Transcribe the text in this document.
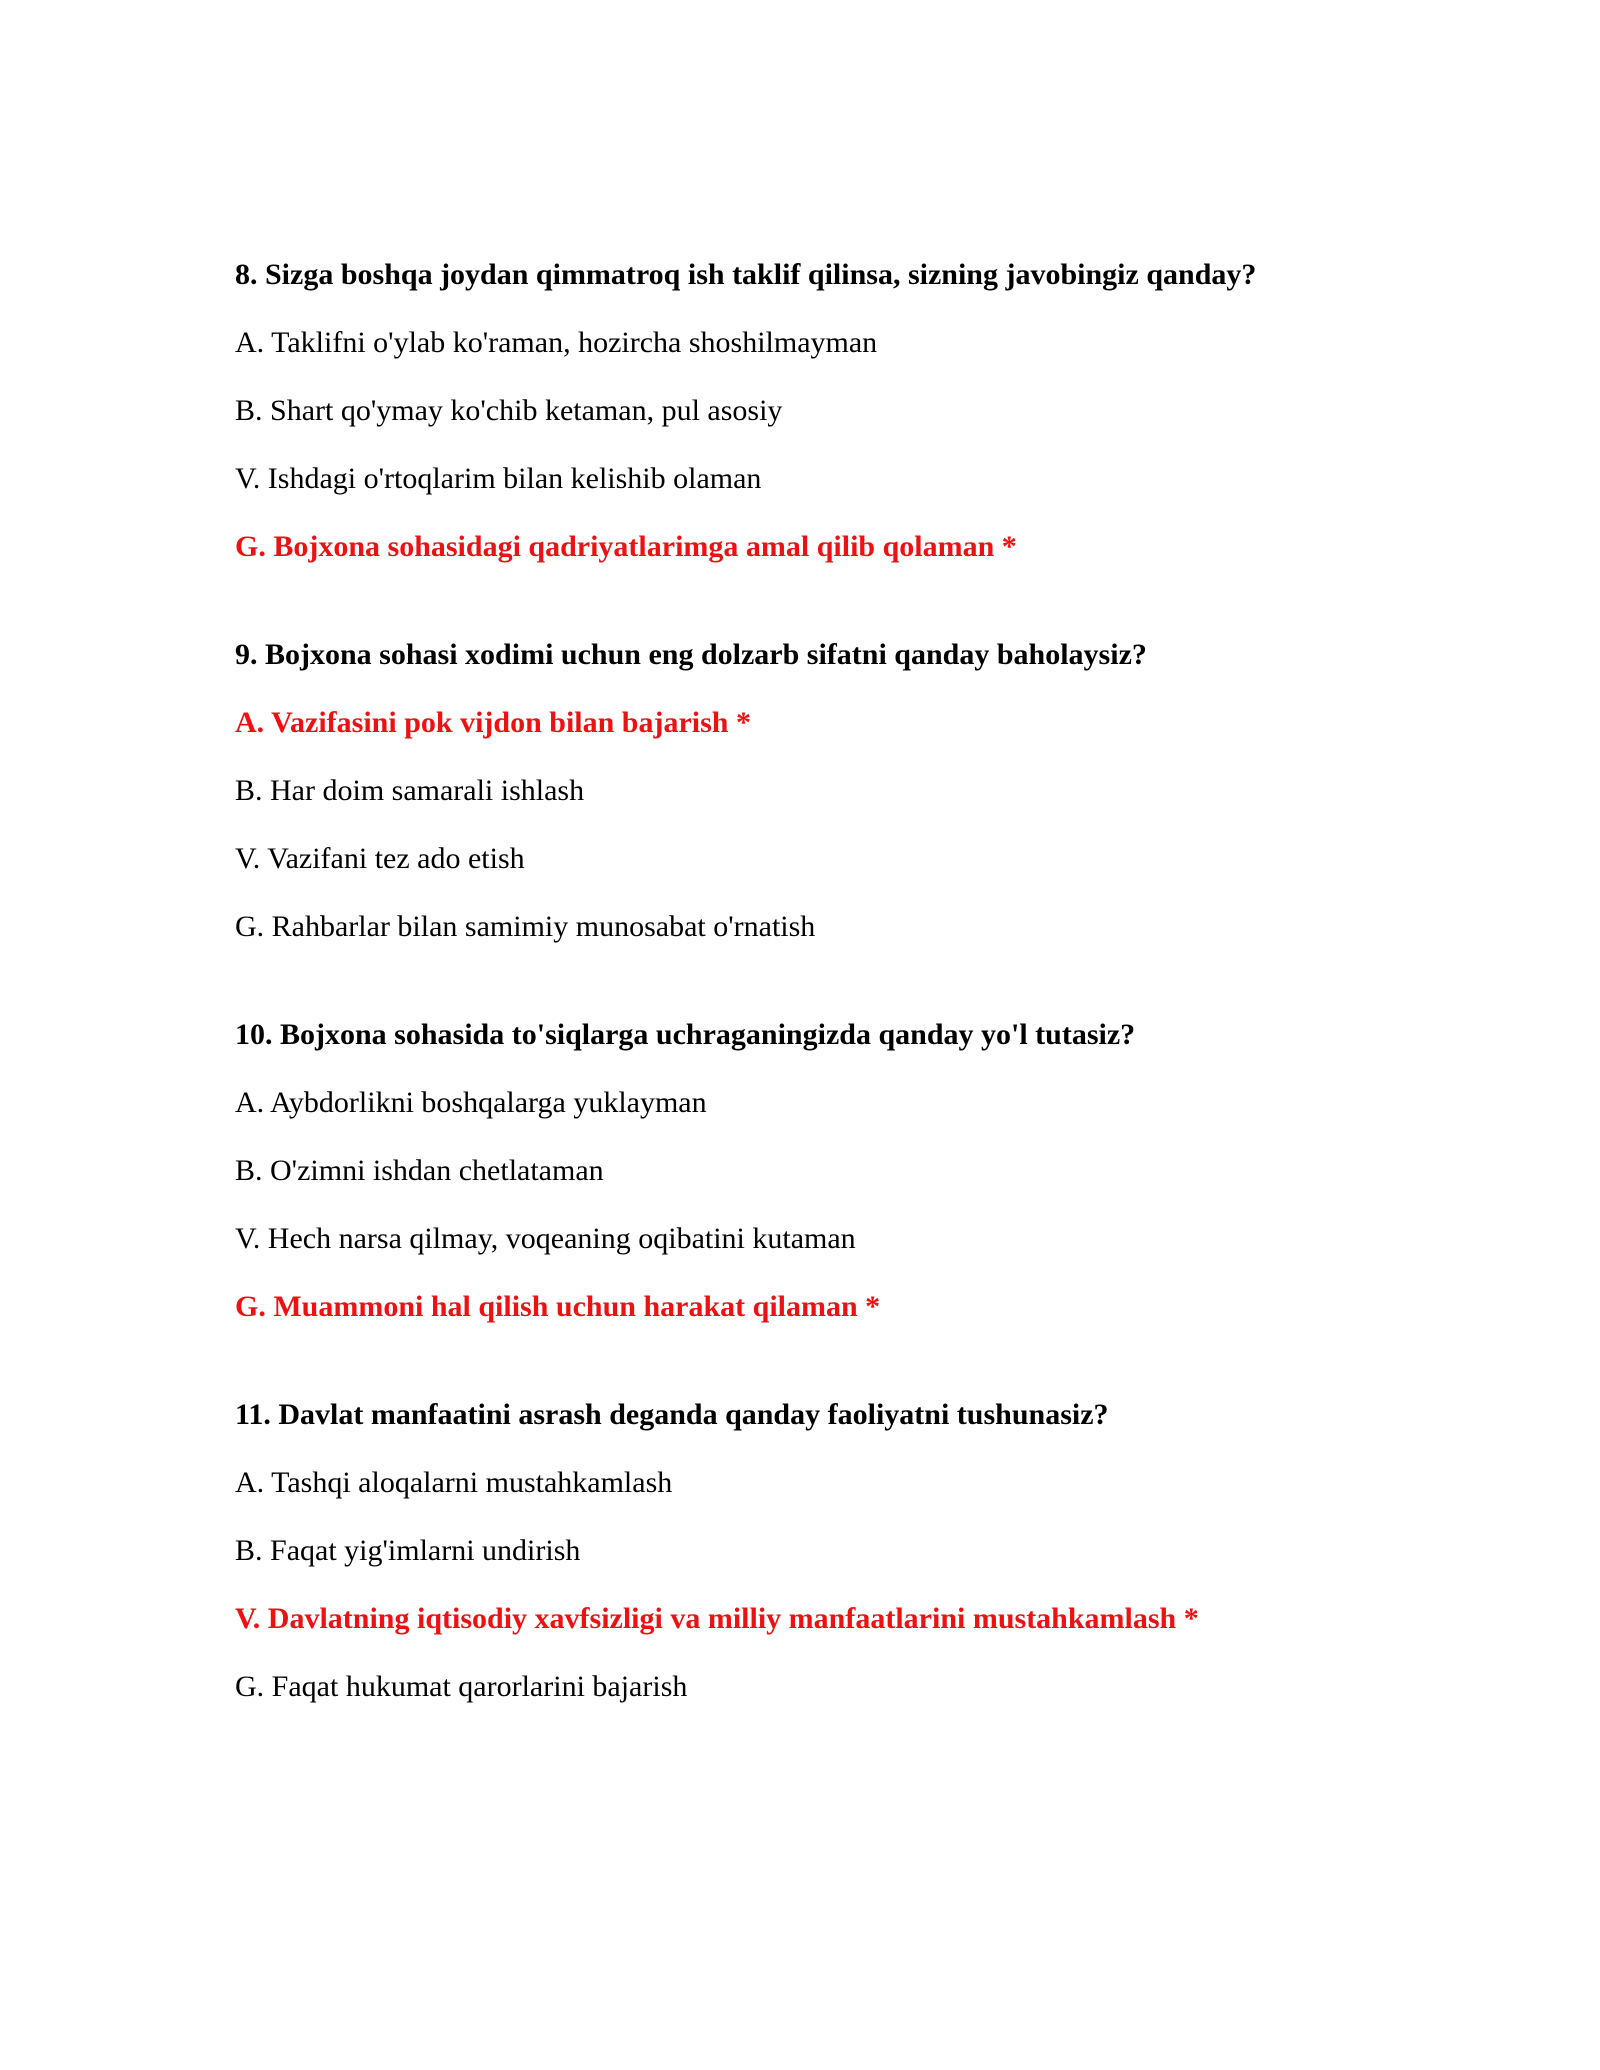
8. Sizga boshqa joydan qimmatroq ish taklif qilinsa, sizning javobingiz qanday?
A. Taklifni o'ylab ko'raman, hozircha shoshilmayman
B. Shart qo'ymay ko'chib ketaman, pul asosiy
V. Ishdagi o'rtoqlarim bilan kelishib olaman
G. Bojxona sohasidagi qadriyatlarimga amal qilib qolaman *
9. Bojxona sohasi xodimi uchun eng dolzarb sifatni qanday baholaysiz?
A. Vazifasini pok vijdon bilan bajarish *
B. Har doim samarali ishlash
V. Vazifani tez ado etish
G. Rahbarlar bilan samimiy munosabat o'rnatish
10. Bojxona sohasida to'siqlarga uchraganingizda qanday yo'l tutasiz?
A. Aybdorlikni boshqalarga yuklayman
B. O'zimni ishdan chetlataman
V. Hech narsa qilmay, voqeaning oqibatini kutaman
G. Muammoni hal qilish uchun harakat qilaman *
11. Davlat manfaatini asrash deganda qanday faoliyatni tushunasiz?
A. Tashqi aloqalarni mustahkamlash
B. Faqat yig'imlarni undirish
V. Davlatning iqtisodiy xavfsizligi va milliy manfaatlarini mustahkamlash *
G. Faqat hukumat qarorlarini bajarish
